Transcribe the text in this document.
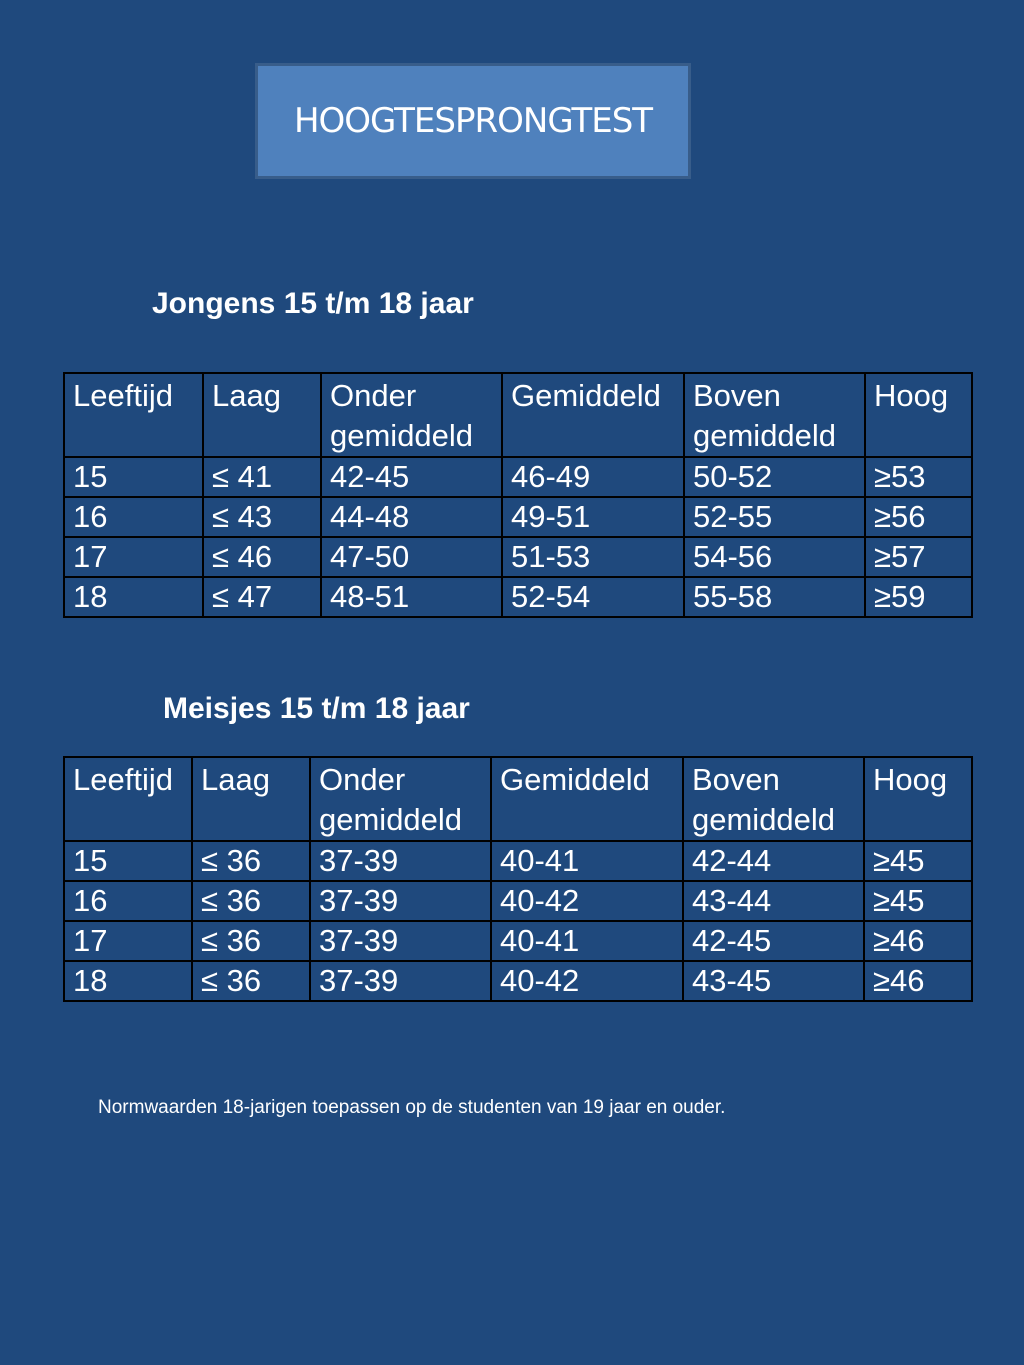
HOOGTESPRONGTEST
Jongens 15 t/m 18 jaar
Leeftijd	Laag	Onder gemiddeld	Gemiddeld	Boven gemiddeld	Hoog
15	≤ 41	42-45	46-49	50-52	≥53
16	≤ 43	44-48	49-51	52-55	≥56
17	≤ 46	47-50	51-53	54-56	≥57
18	≤ 47	48-51	52-54	55-58	≥59
Meisjes 15 t/m 18 jaar
Leeftijd	Laag	Onder gemiddeld	Gemiddeld	Boven gemiddeld	Hoog
15	≤ 36	37-39	40-41	42-44	≥45
16	≤ 36	37-39	40-42	43-44	≥45
17	≤ 36	37-39	40-41	42-45	≥46
18	≤ 36	37-39	40-42	43-45	≥46

Normwaarden 18-jarigen toepassen op de studenten van 19 jaar en ouder.
